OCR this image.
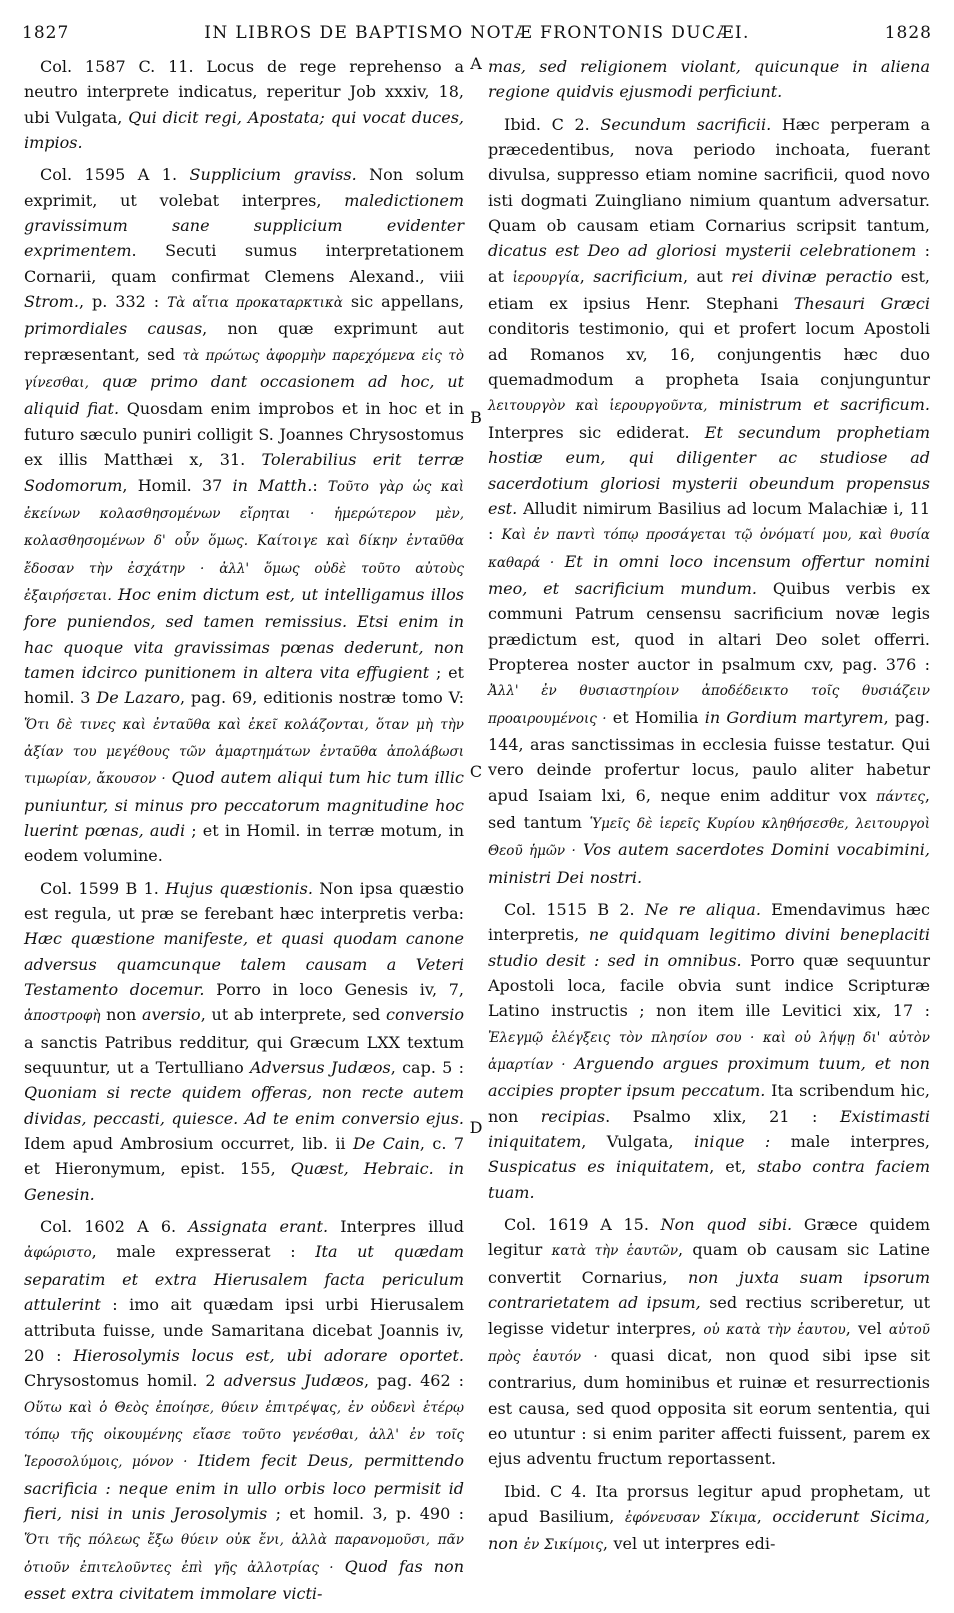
1827	IN LIBROS DE BAPTISMO NOTÆ FRONTONIS DUCÆI.	1828

Col. 1587 C. 11. Locus de rege reprehenso a neutro interprete indicatus, reperitur Job xxxiv, 18, ubi Vulgata, Qui dicit regi, Apostata; qui vocat duces, impios.

Col. 1595 A 1. Supplicium graviss. Non solum exprimit, ut volebat interpres, maledictionem gravissimum sane supplicium evidenter exprimentem. Secuti sumus interpretationem Cornarii, quam confirmat Clemens Alexand., viii Strom., p. 332 : Τὰ αἴτια προκαταρκτικὰ sic appellans, primordiales causas, non quæ exprimunt aut repræsentant, sed τὰ πρώτως ἀφορμὴν παρεχόμενα εἰς τὸ γίνεσθαι, quæ primo dant occasionem ad hoc, ut aliquid fiat. Quosdam enim improbos et in hoc et in futuro sæculo puniri colligit S. Joannes Chrysostomus ex illis Matthæi x, 31. Tolerabilius erit terræ Sodomorum, Homil. 37 in Matth.: Τοῦτο γὰρ ὡς καὶ ἐκείνων κολασθησομένων εἴρηται · ἡμερώτερον μὲν, κολασθησομένων δ' οὖν ὅμως. Καίτοιγε καὶ δίκην ἐνταῦθα ἔδοσαν τὴν ἐσχάτην · ἀλλ' ὅμως οὐδὲ τοῦτο αὐτοὺς ἐξαιρήσεται. Hoc enim dictum est, ut intelligamus illos fore puniendos, sed tamen remissius. Etsi enim in hac quoque vita gravissimas pœnas dederunt, non tamen idcirco punitionem in altera vita effugient ; et homil. 3 De Lazaro, pag. 69, editionis nostræ tomo V: Ὅτι δὲ τινες καὶ ἐνταῦθα καὶ ἐκεῖ κολάζονται, ὅταν μὴ τὴν ἀξίαν του μεγέθους τῶν ἁμαρτημάτων ἐνταῦθα ἀπολάβωσι τιμωρίαν, ἄκουσον · Quod autem aliqui tum hic tum illic puniuntur, si minus pro peccatorum magnitudine hoc luerint pœnas, audi ; et in Homil. in terræ motum, in eodem volumine.

Col. 1599 B 1. Hujus quæstionis. Non ipsa quæstio est regula, ut præ se ferebant hæc interpretis verba: Hæc quæstione manifeste, et quasi quodam canone adversus quamcunque talem causam a Veteri Testamento docemur. Porro in loco Genesis iv, 7, ἀποστροφὴ non aversio, ut ab interprete, sed conversio a sanctis Patribus redditur, qui Græcum LXX textum sequuntur, ut a Tertulliano Adversus Judæos, cap. 5 : Quoniam si recte quidem offeras, non recte autem dividas, peccasti, quiesce. Ad te enim conversio ejus. Idem apud Ambrosium occurret, lib. ii De Cain, c. 7 et Hieronymum, epist. 155, Quæst, Hebraic. in Genesin.

Col. 1602 A 6. Assignata erant. Interpres illud ἀφώριστο, male expresserat : Ita ut quædam separatim et extra Hierusalem facta periculum attulerint : imo ait quædam ipsi urbi Hierusalem attributa fuisse, unde Samaritana dicebat Joannis iv, 20 : Hierosolymis locus est, ubi adorare oportet. Chrysostomus homil. 2 adversus Judæos, pag. 462 : Οὕτω καὶ ὁ Θεὸς ἐποίησε, θύειν ἐπιτρέψας, ἐν οὐδενὶ ἑτέρῳ τόπῳ τῆς οἰκουμένης εἴασε τοῦτο γενέσθαι, ἀλλ' ἐν τοῖς Ἱεροσολύμοις, μόνον · Itidem fecit Deus, permittendo sacrificia : neque enim in ullo orbis loco permisit id fieri, nisi in unis Jerosolymis ; et homil. 3, p. 490 : Ὅτι τῆς πόλεως ἔξω θύειν οὐκ ἔνι, ἀλλὰ παρανομοῦσι, πᾶν ὁτιοῦν ἐπιτελοῦντες ἐπὶ γῆς ἀλλοτρίας · Quod fas non esset extra civitatem immolare victi-

A
B
C
D

mas, sed religionem violant, quicunque in aliena regione quidvis ejusmodi perficiunt.

Ibid. C 2. Secundum sacrificii. Hæc perperam a præcedentibus, nova periodo inchoata, fuerant divulsa, suppresso etiam nomine sacrificii, quod novo isti dogmati Zuingliano nimium quantum adversatur. Quam ob causam etiam Cornarius scripsit tantum, dicatus est Deo ad gloriosi mysterii celebrationem : at ἱερουργία, sacrificium, aut rei divinæ peractio est, etiam ex ipsius Henr. Stephani Thesauri Græci conditoris testimonio, qui et profert locum Apostoli ad Romanos xv, 16, conjungentis hæc duo quemadmodum a propheta Isaia conjunguntur λειτουργὸν καὶ ἱερουργοῦντα, ministrum et sacrificum. Interpres sic ediderat. Et secundum prophetiam hostiæ eum, qui diligenter ac studiose ad sacerdotium gloriosi mysterii obeundum propensus est. Alludit nimirum Basilius ad locum Malachiæ i, 11 : Καὶ ἐν παντὶ τόπῳ προσάγεται τῷ ὀνόματί μου, καὶ θυσία καθαρά · Et in omni loco incensum offertur nomini meo, et sacrificium mundum. Quibus verbis ex communi Patrum censensu sacrificium novæ legis prædictum est, quod in altari Deo solet offerri. Propterea noster auctor in psalmum cxv, pag. 376 : Ἀλλ' ἐν θυσιαστηρίοιν ἀποδέδεικτο τοῖς θυσιάζειν προαιρουμένοις · et Homilia in Gordium martyrem, pag. 144, aras sanctissimas in ecclesia fuisse testatur. Qui vero deinde profertur locus, paulo aliter habetur apud Isaiam lxi, 6, neque enim additur vox πάντες, sed tantum Ὑμεῖς δὲ ἱερεῖς Κυρίου κληθήσεσθε, λειτουργοὶ Θεοῦ ἡμῶν · Vos autem sacerdotes Domini vocabimini, ministri Dei nostri.

Col. 1515 B 2. Ne re aliqua. Emendavimus hæc interpretis, ne quidquam legitimo divini beneplaciti studio desit : sed in omnibus. Porro quæ sequuntur Apostoli loca, facile obvia sunt indice Scripturæ Latino instructis ; non item ille Levitici xix, 17 : Ἐλεγμῷ ἐλέγξεις τὸν πλησίον σου · καὶ οὐ λήψῃ δι' αὐτὸν ἁμαρτίαν · Arguendo argues proximum tuum, et non accipies propter ipsum peccatum. Ita scribendum hic, non recipias. Psalmo xlix, 21 : Existimasti iniquitatem, Vulgata, inique : male interpres, Suspicatus es iniquitatem, et, stabo contra faciem tuam.

Col. 1619 A 15. Non quod sibi. Græce quidem legitur κατὰ τὴν ἑαυτῶν, quam ob causam sic Latine convertit Cornarius, non juxta suam ipsorum contrarietatem ad ipsum, sed rectius scriberetur, ut legisse videtur interpres, οὐ κατὰ τὴν ἑαυτου, vel αὐτοῦ πρὸς ἑαυτόν · quasi dicat, non quod sibi ipse sit contrarius, dum hominibus et ruinæ et resurrectionis est causa, sed quod opposita sit eorum sententia, qui eo utuntur : si enim pariter affecti fuissent, parem ex ejus adventu fructum reportassent.

Ibid. C 4. Ita prorsus legitur apud prophetam, ut apud Basilium, ἐφόνευσαν Σίκιμα, occiderunt Sicima, non ἐν Σικίμοις, vel ut interpres edi-
